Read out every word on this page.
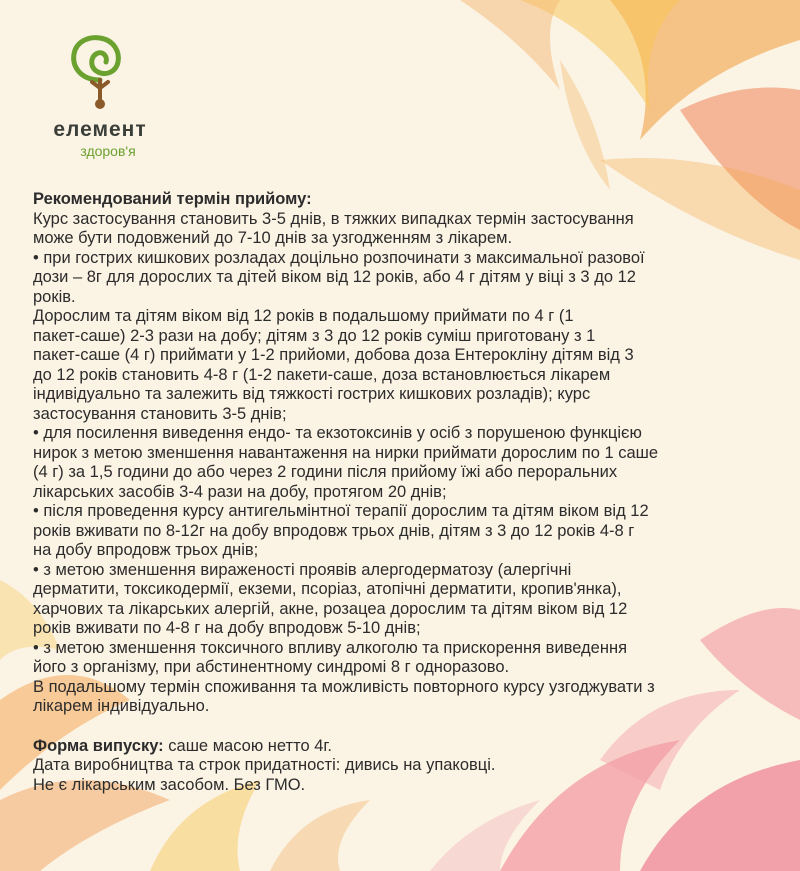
елемент
здоров'я

Рекомендований термін прийому:

Курс застосування становить 3-5 днів, в тяжких випадках термін застосування

може бути подовжений до 7-10 днів за узгодженням з лікарем.

• при гострих кишкових розладах доцільно розпочинати з максимальної разової

дози – 8г для дорослих та дітей віком від 12 років, або 4 г дітям у віці з 3 до 12

років.

Дорослим та дітям віком від 12 років в подальшому приймати по 4 г (1

пакет-саше) 2-3 рази на добу; дітям з 3 до 12 років суміш приготовану з 1

пакет-саше (4 г) приймати у 1-2 прийоми, добова доза Ентерокліну дітям від 3

до 12 років становить 4-8 г (1-2 пакети-саше, доза встановлюється лікарем

індивідуально та залежить від тяжкості гострих кишкових розладів); курс

застосування становить 3-5 днів;

• для посилення виведення ендо- та екзотоксинів у осіб з порушеною функцією

нирок з метою зменшення навантаження на нирки приймати дорослим по 1 саше

(4 г) за 1,5 години до або через 2 години після прийому їжі або пероральних

лікарських засобів 3-4 рази на добу, протягом 20 днів;

• після проведення курсу антигельмінтної терапії дорослим та дітям віком від 12

років вживати по 8-12г на добу впродовж трьох днів, дітям з 3 до 12 років 4-8 г

на добу впродовж трьох днів;

• з метою зменшення вираженості проявів алергодерматозу (алергічні

дерматити, токсикодермії, екземи, псоріаз, атопічні дерматити, кропив'янка),

харчових та лікарських алергій, акне, розацеа дорослим та дітям віком від 12

років вживати по 4-8 г на добу впродовж 5-10 днів;

• з метою зменшення токсичного впливу алкоголю та прискорення виведення

його з організму, при абстинентному синдромі 8 г одноразово.

В подальшому термін споживання та можливість повторного курсу узгоджувати з

лікарем індивідуально.

Форма випуску: саше масою нетто 4г.

Дата виробництва та строк придатності: дивись на упаковці.

Не є лікарським засобом. Без ГМО.
